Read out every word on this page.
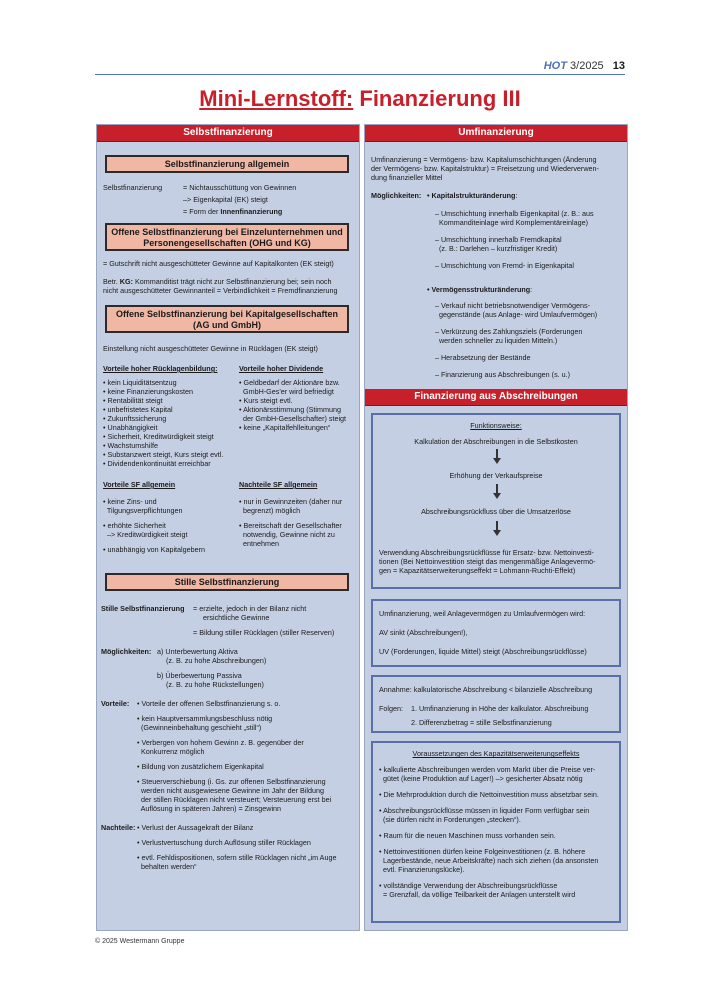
HOT 3/2025 13
Mini-Lernstoff: Finanzierung III
Selbstfinanzierung
Selbstfinanzierung allgemein
Selbstfinanzierung	= Nichtausschüttung von Gewinnen
–> Eigenkapital (EK) steigt
= Form der Innenfinanzierung
Offene Selbstfinanzierung bei Einzelunternehmen und Personengesellschaften (OHG und KG)
= Gutschrift nicht ausgeschütteter Gewinne auf Kapitalkonten (EK steigt)
Betr. KG: Kommanditist trägt nicht zur Selbstfinanzierung bei; sein noch
nicht ausgeschütteter Gewinnanteil = Verbindlichkeit = Fremdfinanzierung
Offene Selbstfinanzierung bei Kapitalgesellschaften (AG und GmbH)
Einstellung nicht ausgeschütteter Gewinne in Rücklagen (EK steigt)
Vorteile hoher Rücklagenbildung:
• kein Liquiditätsentzug
• keine Finanzierungskosten
• Rentabilität steigt
• unbefristetes Kapital
• Zukunftssicherung
• Unabhängigkeit
• Sicherheit, Kreditwürdigkeit steigt
• Wachstumshilfe
• Substanzwert steigt, Kurs steigt evtl.
• Dividendenkontinuität erreichbar
Vorteile hoher Dividende
• Geldbedarf der Aktionäre bzw.
GmbH-Ges'er wird befriedigt
• Kurs steigt evtl.
• Aktionärsstimmung (Stimmung
der GmbH-Gesellschafter) steigt
• keine „Kapitalfehlleitungen“
Vorteile SF allgemein
• keine Zins- und
Tilgungsverpflichtungen
• erhöhte Sicherheit
–> Kreditwürdigkeit steigt
• unabhängig von Kapitalgebern
Nachteile SF allgemein
• nur in Gewinnzeiten (daher nur
begrenzt) möglich
• Bereitschaft der Gesellschafter
notwendig, Gewinne nicht zu
entnehmen
Stille Selbstfinanzierung
Stille Selbstfinanzierung = erzielte, jedoch in der Bilanz nicht
ersichtliche Gewinne
= Bildung stiller Rücklagen (stiller Reserven)
Möglichkeiten: a) Unterbewertung Aktiva
(z. B. zu hohe Abschreibungen)
b) Überbewertung Passiva
(z. B. zu hohe Rückstellungen)
Vorteile: • Vorteile der offenen Selbstfinanzierung s. o.
• kein Hauptversammlungsbeschluss nötig
(Gewinneinbehaltung geschieht „still“)
• Verbergen von hohem Gewinn z. B. gegenüber der
Konkurrenz möglich
• Bildung von zusätzlichem Eigenkapital
• Steuerverschiebung (i. Gs. zur offenen Selbstfinanzierung
werden nicht ausgewiesene Gewinne im Jahr der Bildung
der stillen Rücklagen nicht versteuert; Versteuerung erst bei
Auflösung in späteren Jahren) = Zinsgewinn
Nachteile: • Verlust der Aussagekraft der Bilanz
• Verlustvertuschung durch Auflösung stiller Rücklagen
• evtl. Fehldispositionen, sofern stille Rücklagen nicht „im Auge
behalten werden“
Umfinanzierung
Umfinanzierung = Vermögens- bzw. Kapitalumschichtungen (Änderung
der Vermögens- bzw. Kapitalstruktur) = Freisetzung und Wiederverwen-
dung finanzieller Mittel
Möglichkeiten: • Kapitalstrukturänderung:
– Umschichtung innerhalb Eigenkapital (z. B.: aus
Kommanditeinlage wird Komplementäreinlage)
– Umschichtung innerhalb Fremdkapital
(z. B.: Darlehen – kurzfristiger Kredit)
– Umschichtung von Fremd- in Eigenkapital
• Vermögensstrukturänderung:
– Verkauf nicht betriebsnotwendiger Vermögens-
gegenstände (aus Anlage- wird Umlaufvermögen)
– Verkürzung des Zahlungsziels (Forderungen
werden schneller zu liquiden Mitteln.)
– Herabsetzung der Bestände
– Finanzierung aus Abschreibungen (s. u.)
Finanzierung aus Abschreibungen
Funktionsweise:
Kalkulation der Abschreibungen in die Selbstkosten
Erhöhung der Verkaufspreise
Abschreibungsrückfluss über die Umsatzerlöse
Verwendung Abschreibungsrückflüsse für Ersatz- bzw. Nettoinvesti-
tionen (Bei Nettoinvestition steigt das mengenmäßige Anlagevermö-
gen = Kapazitätserweiterungseffekt = Lohmann-Ruchti-Effekt)
Umfinanzierung, weil Anlagevermögen zu Umlaufvermögen wird:
AV sinkt (Abschreibungen!),
UV (Forderungen, liquide Mittel) steigt (Abschreibungsrückflüsse)
Annahme: kalkulatorische Abschreibung < bilanzielle Abschreibung
Folgen: 1. Umfinanzierung in Höhe der kalkulator. Abschreibung
2. Differenzbetrag = stille Selbstfinanzierung
Voraussetzungen des Kapazitätserweiterungseffekts
• kalkulierte Abschreibungen werden vom Markt über die Preise ver-
gütet (keine Produktion auf Lager!) –> gesicherter Absatz nötig
• Die Mehrproduktion durch die Nettoinvestition muss absetzbar sein.
• Abschreibungsrückflüsse müssen in liquider Form verfügbar sein
(sie dürfen nicht in Forderungen „stecken“).
• Raum für die neuen Maschinen muss vorhanden sein.
• Nettoinvestitionen dürfen keine Folgeinvestitionen (z. B. höhere
Lagerbestände, neue Arbeitskräfte) nach sich ziehen (da ansonsten
evtl. Finanzierungslücke).
• vollständige Verwendung der Abschreibungsrückflüsse
= Grenzfall, da völlige Teilbarkeit der Anlagen unterstellt wird
© 2025 Westermann Gruppe
